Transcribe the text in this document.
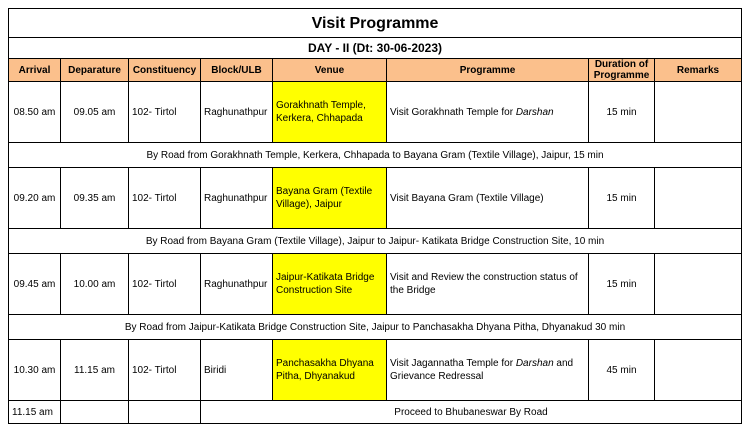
Visit Programme							
DAY - II (Dt: 30-06-2023)							
Arrival	Deparature	Constituency	Block/ULB	Venue	Programme	Duration of Programme	Remarks
08.50 am	09.05 am	102- Tirtol	Raghunathpur	Gorakhnath Temple, Kerkera, Chhapada	Visit Gorakhnath Temple for Darshan	15 min	
By Road from Gorakhnath Temple, Kerkera, Chhapada to Bayana Gram (Textile Village), Jaipur, 15 min							
09.20 am	09.35 am	102- Tirtol	Raghunathpur	Bayana Gram (Textile Village), Jaipur	Visit Bayana Gram (Textile Village)	15 min	
By Road from Bayana Gram (Textile Village), Jaipur to Jaipur- Katikata Bridge Construction Site, 10 min							
09.45 am	10.00 am	102- Tirtol	Raghunathpur	Jaipur-Katikata Bridge Construction Site	Visit and Review the construction status of the Bridge	15 min	
By Road from Jaipur-Katikata Bridge Construction Site, Jaipur to Panchasakha Dhyana Pitha, Dhyanakud 30 min							
10.30 am	11.15 am	102- Tirtol	Biridi	Panchasakha Dhyana Pitha, Dhyanakud	Visit Jagannatha Temple for Darshan and Grievance Redressal	45 min	
11.15 am			Proceed to Bhubaneswar By Road				
